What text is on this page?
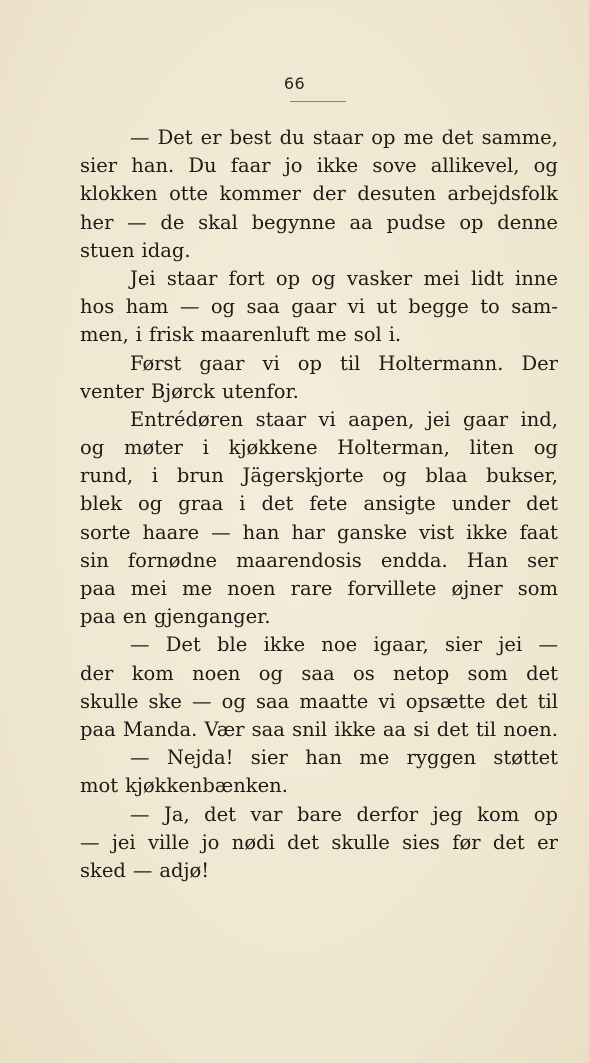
66
— Det er best du staar op me det samme,
sier han. Du faar jo ikke sove allikevel, og
klokken otte kommer der desuten arbejdsfolk
her — de skal begynne aa pudse op denne
stuen idag.
Jei staar fort op og vasker mei lidt inne
hos ham — og saa gaar vi ut begge to sam-
men, i frisk maarenluft me sol i.
Først gaar vi op til Holtermann. Der
venter Bjørck utenfor.
Entrédøren staar vi aapen, jei gaar ind,
og møter i kjøkkene Holterman, liten og
rund, i brun Jägerskjorte og blaa bukser,
blek og graa i det fete ansigte under det
sorte haare — han har ganske vist ikke faat
sin fornødne maarendosis endda. Han ser
paa mei me noen rare forvillete øjner som
paa en gjenganger.
— Det ble ikke noe igaar, sier jei —
der kom noen og saa os netop som det
skulle ske — og saa maatte vi opsætte det til
paa Manda. Vær saa snil ikke aa si det til noen.
— Nejda! sier han me ryggen støttet
mot kjøkkenbænken.
— Ja, det var bare derfor jeg kom op
— jei ville jo nødi det skulle sies før det er
sked — adjø!
